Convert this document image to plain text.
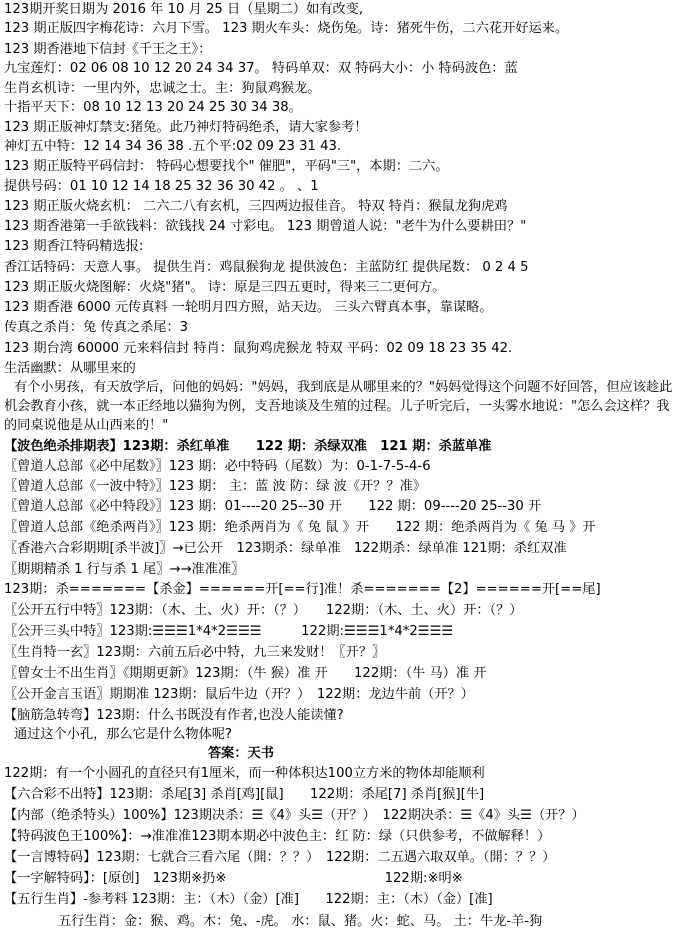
123期开奖日期为 2016 年 10 月 25 日（星期二）如有改变,
123 期正版四字梅花诗：六月下雪。 123 期火车头：烧伤兔。诗：猪死牛伤，二六花开好运来。
123 期香港地下信封《千王之王》：
九宝莲灯：02 06 08 10 12 20 24 34 37。 特码单双：双 特码大小：小 特码波色：蓝
生肖玄机诗：一里内外，忠诚之士。主：狗鼠鸡猴龙。
十指平天下：08 10 12 13 20 24 25 30 34 38。
123 期正版神灯禁支:猪兔。此乃神灯特码绝杀，请大家参考！
神灯五中特：12 14 34 36 38 .五个平:02 09 23 31 43.
123 期正版特平码信封： 特码心想要找个" 催肥"，平码"三"，本期：二六。
提供号码：01 10 12 14 18 25 32 36 30 42 。 、1
123 期正版火烧玄机： 二六二八有玄机，三四两边报佳音。 特双 特肖：猴鼠龙狗虎鸡
123 期香港第一手欲钱料：欲钱找 24 寸彩电。 123 期曾道人说："老牛为什么要耕田？"
123 期香江特码精选报:
香江话特码：天意人事。 提供生肖：鸡鼠猴狗龙 提供波色：主蓝防红 提供尾数： 0 2 4 5
123 期正版火烧图解：火烧"猪"。 诗：原是三四五更时，得来三二更何方。
123 期香港 6000 元传真料 一轮明月四方照，站天边。 三头六臂真本事，靠谋略。
传真之杀肖：兔 传真之杀尾：3
123 期台湾 60000 元来料信封 特肖：鼠狗鸡虎猴龙 特双 平码：02 09 18 23 35 42.
生活幽默：从哪里来的
有个小男孩，有天放学后，问他的妈妈："妈妈，我到底是从哪里来的？"妈妈觉得这个问题不好回答，但应该趁此机会教育小孩，就一本正经地以猫狗为例，支吾地谈及生殖的过程。儿子听完后，一头雾水地说："怎么会这样？我的同桌说他是从山西来的！"
【波色绝杀排期表】123期：杀红单准　　122 期：杀绿双准　121 期：杀蓝单准
〖曾道人总部《必中尾数》〗123 期：必中特码（尾数）为：0-1-7-5-4-6
〖曾道人总部《一波中特》〗123 期： 主：蓝 波 防：绿 波《开？？准》
〖曾道人总部《必中特段》〗123 期：01----20 25--30 开　　122 期：09----20 25--30 开
〖曾道人总部《绝杀两肖》〗123 期：绝杀两肖为《 兔 鼠 》开　　122 期：绝杀两肖为《 兔 马 》开
〖香港六合彩期期[杀半波]〗→已公开　123期杀：绿单准　122期杀：绿单准 121期：杀红双准
〖期期精杀 1 行与杀 1 尾〗→→准准准〗
123期：杀=======【杀金】======开[==行]准！杀=======【2】======开[==尾]
〖公开五行中特〗123期：（木、土、火）开：（？）　　122期：（木、土、火）开：（？）
〖公开三头中特〗123期:☰☰☰1*4*2☰☰☰　　　122期:☰☰☰1*4*2☰☰☰
〖生肖特一玄〗123期：六前五后必中特，九三来发财！〖开？〗
〖曾女士不出生肖〗《期期更新》123期：（牛 猴）准 开　　122期：（牛 马）准 开
〖公开金言玉语〗期期准 123期：鼠后牛边（开？）　122期：龙边牛前（开？）
【脑筋急转弯】123期：什么书既没有作者,也没人能读懂?
通过这个小孔，那么它是什么物体呢?
答案：天书
122期：有一个小圆孔的直径只有1厘米，而一种体积达100立方米的物体却能顺利
【六合彩不出特】123期：杀尾[3] 杀肖[鸡][鼠]　　122期：杀尾[7] 杀肖[猴][牛]
【内部（绝杀特头）100%】123期决杀：☰《4》头☰（开？）　122期决杀：☰《4》头☰（开？）
【特码波色王100%】：→准准准123期本期必中波色主：红 防：绿（只供参考，不做解释！）
【一言博特码】123期：七就合三看六尾（開：？？）　122期：二五遇六取双单。（開：？？）
【一字解特码】：[原创]　123期※扔※　　　　　　　　　　　　122期:※明※
【五行生肖】-参考料 123期：主：（木）（金）[准]　　122期：主：（木）（金）[准]
五行生肖：金：猴、鸡。木：兔、-虎。 水：鼠、猪。火：蛇、马。 土：牛龙-羊-狗
